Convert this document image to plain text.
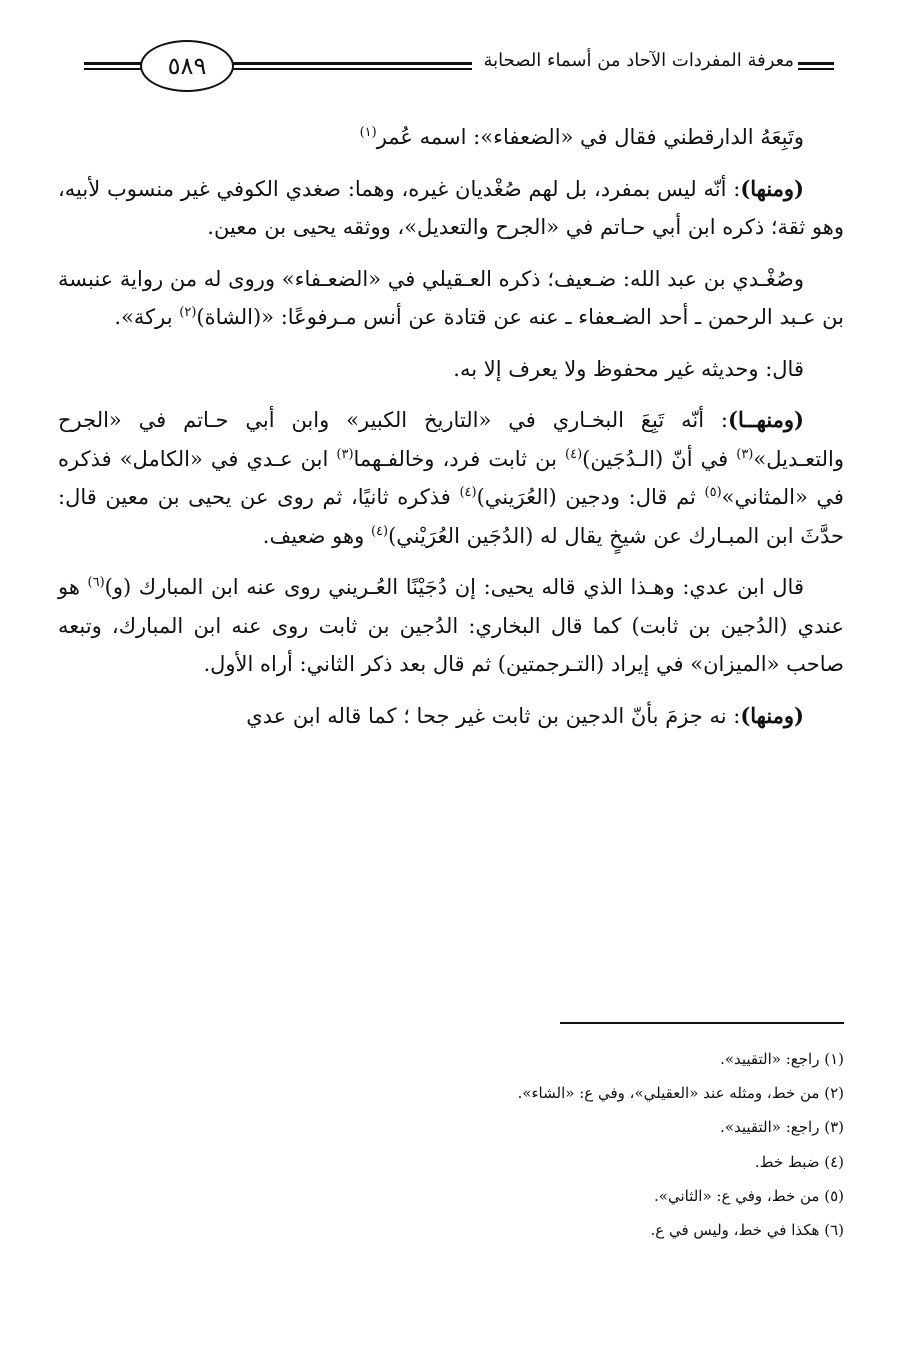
٥٨٩	معرفة المفردات الآحاد من أسماء الصحابة

وتَبِعَهُ الدارقطني فقال في «الضعفاء»: اسمه عُمر$^{(١)}$

(ومنها): أنّه ليس بمفرد، بل لهم صُغْديان غيره، وهما: صغدي الكوفي غير منسوب لأبيه، وهو ثقة؛ ذكره ابن أبي حـاتم في «الجرح والتعديل»، ووثقه يحيى بن معين.

وصُغْـدي بن عبد الله: ضـعيف؛ ذكره العـقيلي في «الضعـفاء» وروى له من رواية عنبسة بن عـبد الرحمن ـ أحد الضـعفاء ـ عنه عن قتادة عن أنس مـرفوعًا: «(الشاة)$^{(٢)}$ بركة».

قال: وحديثه غير محفوظ ولا يعرف إلا به.

(ومنهــا): أنّه تَبِعَ البخـاري في «التاريخ الكبير» وابن أبي حـاتم في «الجرح والتعـديل»$^{(٣)}$ في أنّ (الـدُجَين)$^{(٤)}$ بن ثابت فرد، وخالفـهما$^{(٣)}$ ابن عـدي في «الكامل» فذكره في «المثاني»$^{(٥)}$ ثم قال: ودجين (العُرَيني)$^{(٤)}$ فذكره ثانيًا، ثم روى عن يحيى بن معين قال: حدَّثَ ابن المبـارك عن شيخٍ يقال له (الدُجَين العُرَيْني)$^{(٤)}$ وهو ضعيف.

قال ابن عدي: وهـذا الذي قاله يحيى: إن دُجَيْنًا العُـريني روى عنه ابن المبارك (و)$^{(٦)}$ هو عندي (الدُجين بن ثابت) كما قال البخاري: الدُجين بن ثابت روى عنه ابن المبارك، وتبعه صاحب «الميزان» في إيراد (التـرجمتين) ثم قال بعد ذكر الثاني: أراه الأول.

(ومنها): نه جزمَ بأنّ الدجين بن ثابت غير جحا ؛ كما قاله ابن عدي

(١) راجع: «التقييد».
(٢) من خط، ومثله عند «العقيلي»، وفي ع: «الشاء».
(٣) راجع: «التقييد».
(٤) ضبط خط.
(٥) من خط، وفي ع: «الثاني».
(٦) هكذا في خط، وليس في ع.
